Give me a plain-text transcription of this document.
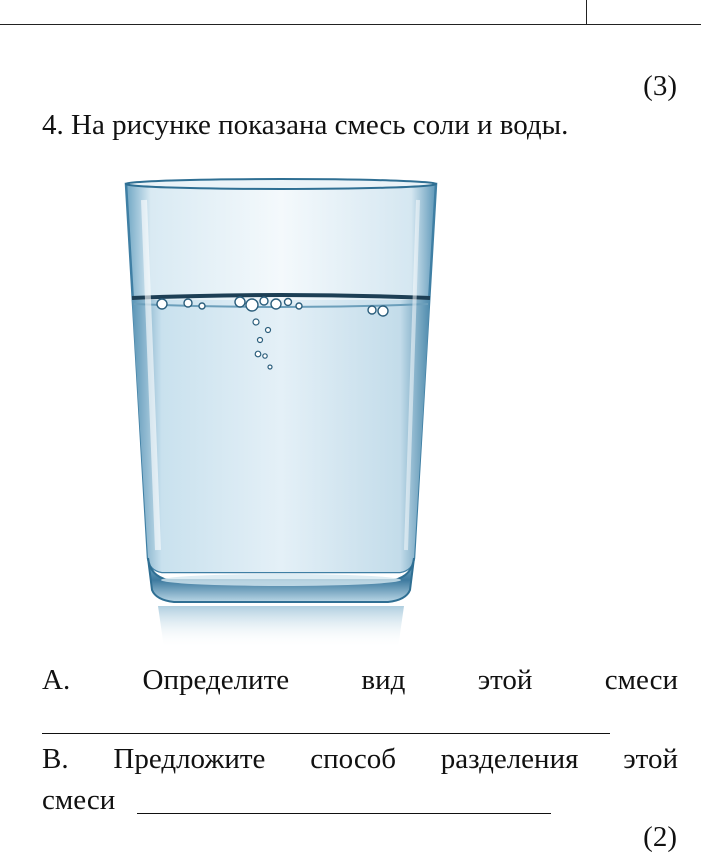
(3)
4. На рисунке показана смесь соли и воды.
А. Определите вид этой смеси
B. Предложите способ разделения этой
смеси
(2)
